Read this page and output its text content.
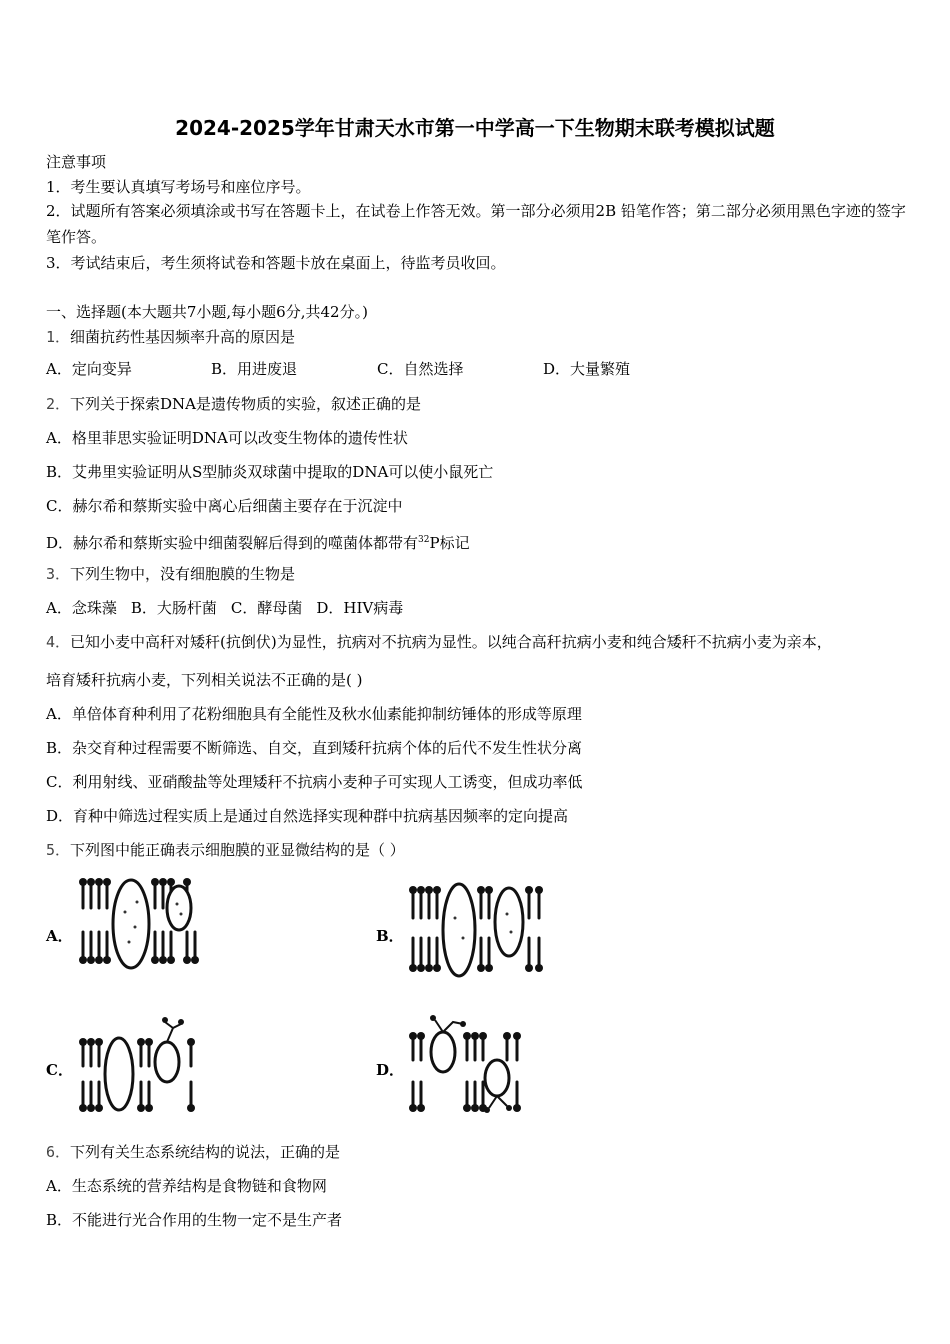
2024-2025学年甘肃天水市第一中学高一下生物期末联考模拟试题
注意事项
1．考生要认真填写考场号和座位序号。
2．试题所有答案必须填涂或书写在答题卡上，在试卷上作答无效。第一部分必须用2B 铅笔作答；第二部分必须用黑色字迹的签字笔作答。
3．考试结束后，考生须将试卷和答题卡放在桌面上，待监考员收回。
一、选择题(本大题共7小题,每小题6分,共42分。)
1．细菌抗药性基因频率升高的原因是
A．定向变异	B．用进废退	C．自然选择	D．大量繁殖
2．下列关于探索DNA是遗传物质的实验，叙述正确的是
A．格里菲思实验证明DNA可以改变生物体的遗传性状
B．艾弗里实验证明从S型肺炎双球菌中提取的DNA可以使小鼠死亡
C．赫尔希和蔡斯实验中离心后细菌主要存在于沉淀中
D．赫尔希和蔡斯实验中细菌裂解后得到的噬菌体都带有$^{32}$P标记
3．下列生物中，没有细胞膜的生物是
A．念珠藻 B．大肠杆菌 C．酵母菌 D．HIV病毒
4．已知小麦中高秆对矮秆(抗倒伏)为显性，抗病对不抗病为显性。以纯合高秆抗病小麦和纯合矮秆不抗病小麦为亲本，
培育矮秆抗病小麦，下列相关说法不正确的是( )
A．单倍体育种利用了花粉细胞具有全能性及秋水仙素能抑制纺锤体的形成等原理
B．杂交育种过程需要不断筛选、自交，直到矮秆抗病个体的后代不发生性状分离
C．利用射线、亚硝酸盐等处理矮秆不抗病小麦种子可实现人工诱变，但成功率低
D．育种中筛选过程实质上是通过自然选择实现种群中抗病基因频率的定向提高
5．下列图中能正确表示细胞膜的亚显微结构的是（ ）
A．	B．
C．	D．
6．下列有关生态系统结构的说法，正确的是
A．生态系统的营养结构是食物链和食物网
B．不能进行光合作用的生物一定不是生产者
